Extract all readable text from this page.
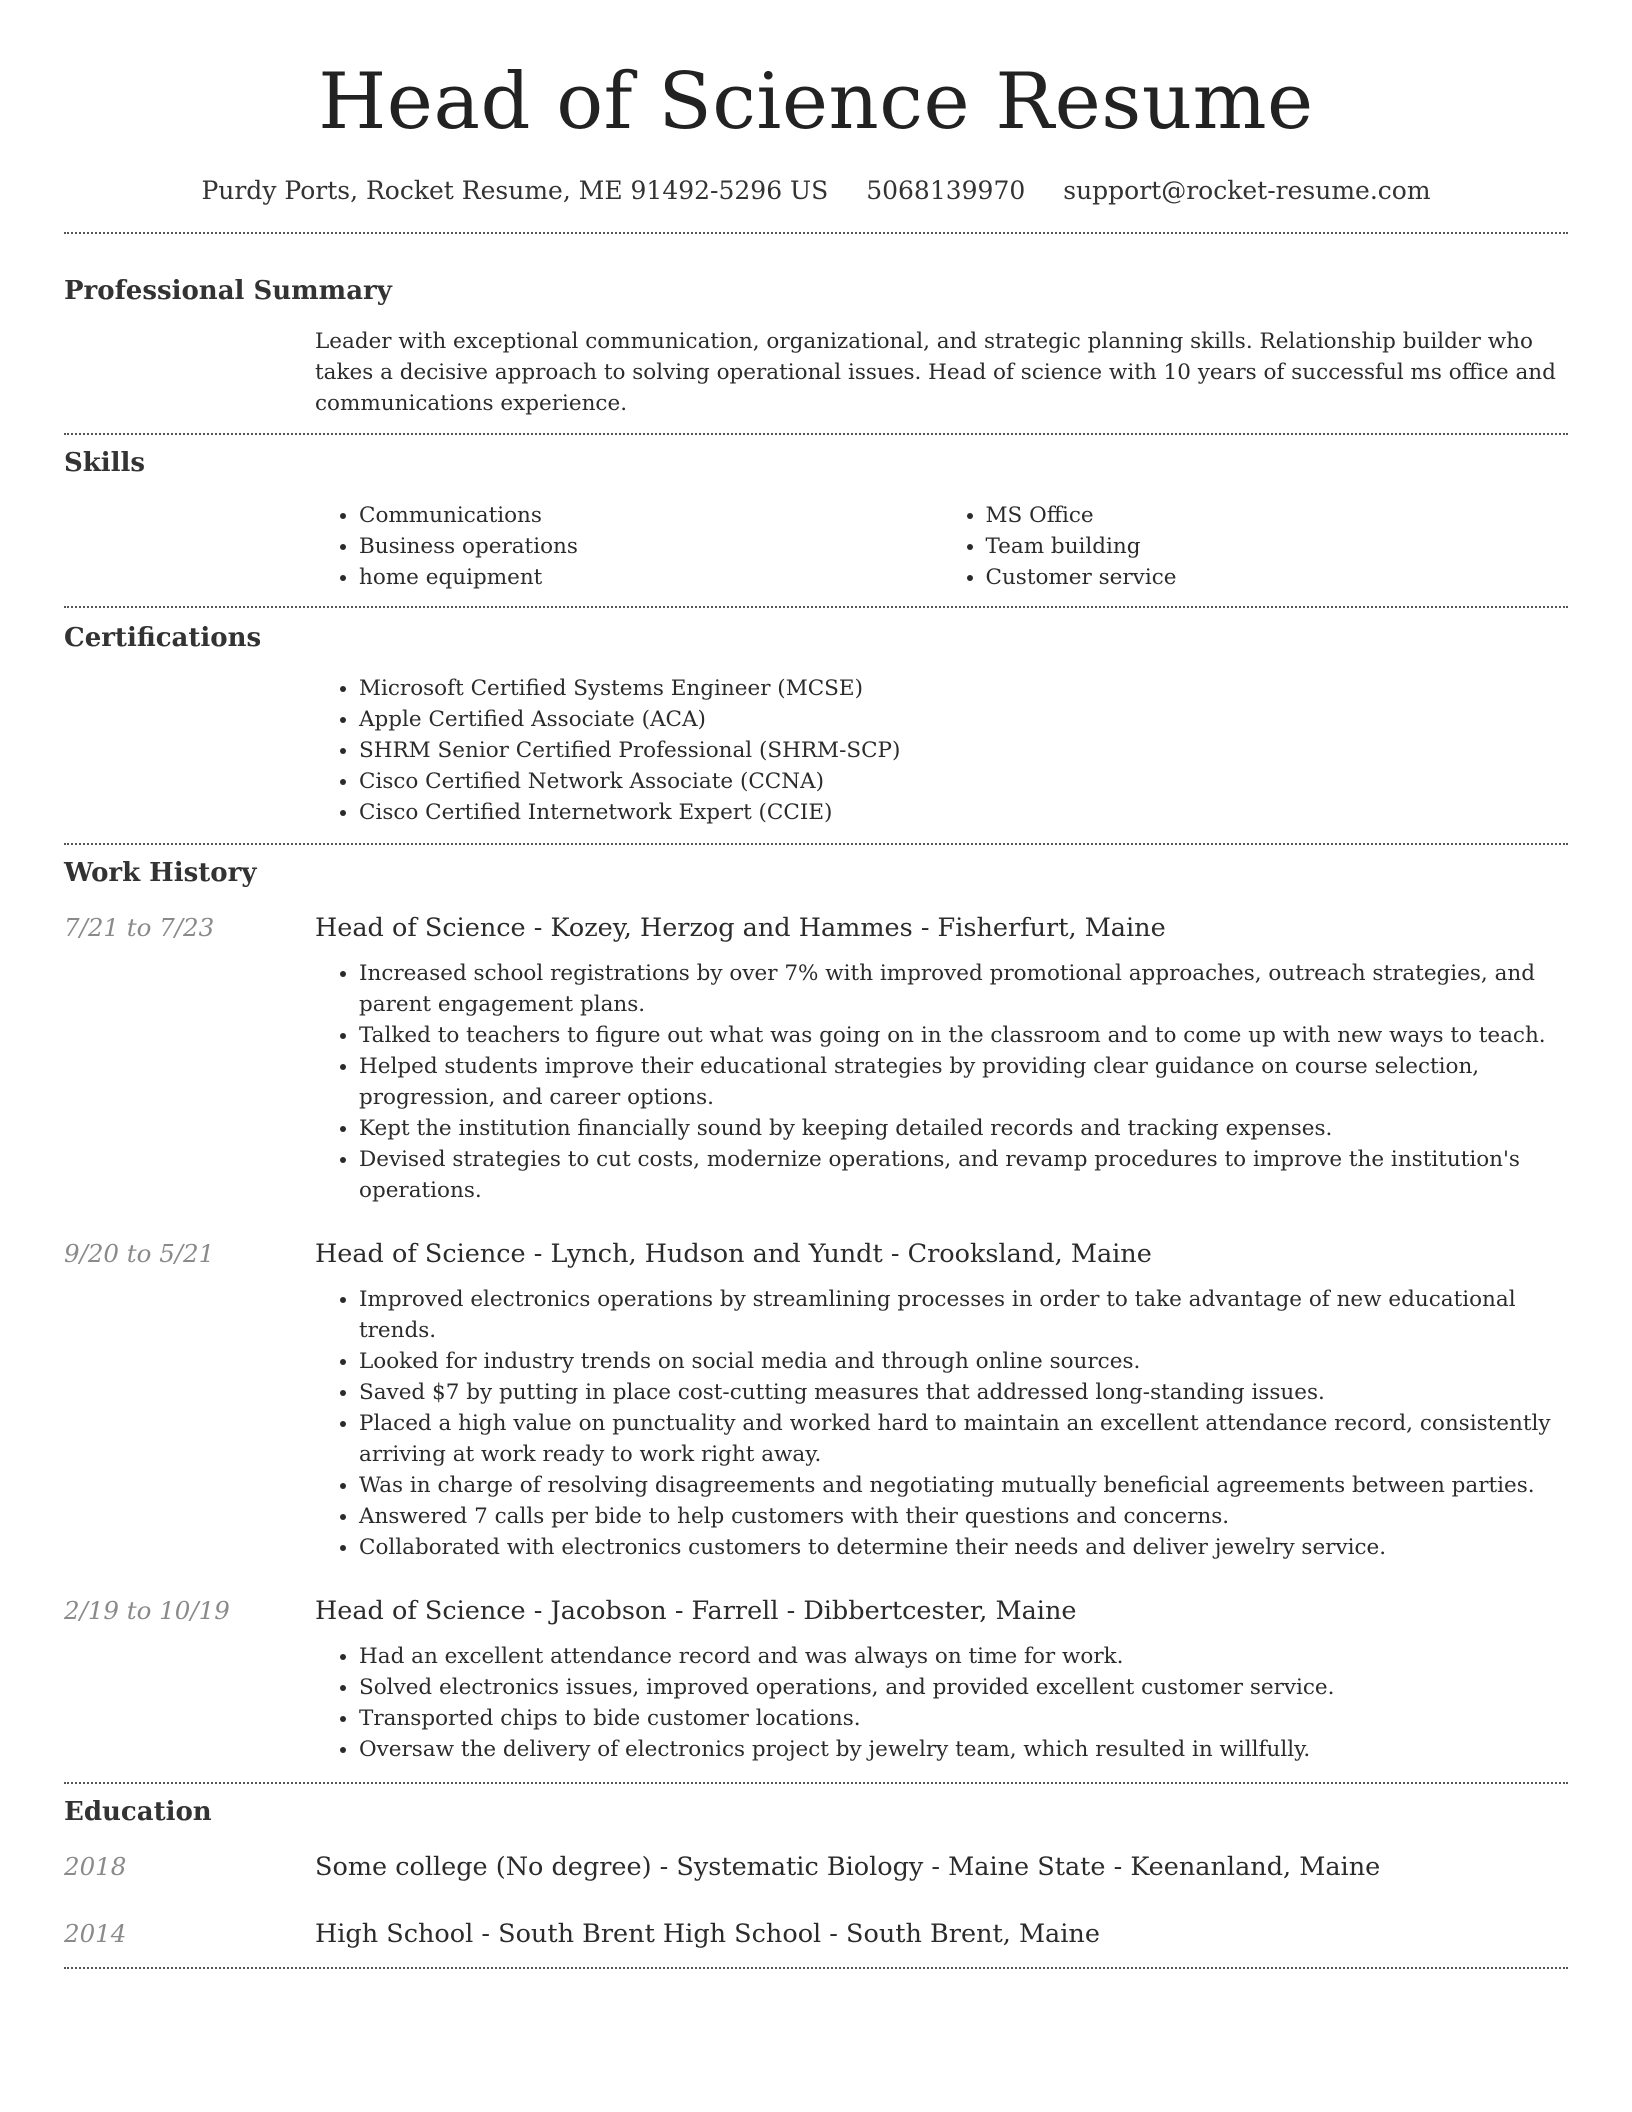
Head of Science Resume
Purdy Ports, Rocket Resume, ME 91492-5296 US 5068139970 support@rocket-resume.com
Professional Summary
Leader with exceptional communication, organizational, and strategic planning skills. Relationship builder who takes a decisive approach to solving operational issues. Head of science with 10 years of successful ms office and communications experience.
Skills
• Communications
• Business operations
• home equipment
• MS Office
• Team building
• Customer service
Certifications
• Microsoft Certified Systems Engineer (MCSE)
• Apple Certified Associate (ACA)
• SHRM Senior Certified Professional (SHRM-SCP)
• Cisco Certified Network Associate (CCNA)
• Cisco Certified Internetwork Expert (CCIE)
Work History
7/21 to 7/23	Head of Science - Kozey, Herzog and Hammes - Fisherfurt, Maine
• Increased school registrations by over 7% with improved promotional approaches, outreach strategies, and parent engagement plans.
• Talked to teachers to figure out what was going on in the classroom and to come up with new ways to teach.
• Helped students improve their educational strategies by providing clear guidance on course selection, progression, and career options.
• Kept the institution financially sound by keeping detailed records and tracking expenses.
• Devised strategies to cut costs, modernize operations, and revamp procedures to improve the institution's operations.
9/20 to 5/21	Head of Science - Lynch, Hudson and Yundt - Crooksland, Maine
• Improved electronics operations by streamlining processes in order to take advantage of new educational trends.
• Looked for industry trends on social media and through online sources.
• Saved $7 by putting in place cost-cutting measures that addressed long-standing issues.
• Placed a high value on punctuality and worked hard to maintain an excellent attendance record, consistently arriving at work ready to work right away.
• Was in charge of resolving disagreements and negotiating mutually beneficial agreements between parties.
• Answered 7 calls per bide to help customers with their questions and concerns.
• Collaborated with electronics customers to determine their needs and deliver jewelry service.
2/19 to 10/19	Head of Science - Jacobson - Farrell - Dibbertcester, Maine
• Had an excellent attendance record and was always on time for work.
• Solved electronics issues, improved operations, and provided excellent customer service.
• Transported chips to bide customer locations.
• Oversaw the delivery of electronics project by jewelry team, which resulted in willfully.
Education
2018	Some college (No degree) - Systematic Biology - Maine State - Keenanland, Maine
2014	High School - South Brent High School - South Brent, Maine
